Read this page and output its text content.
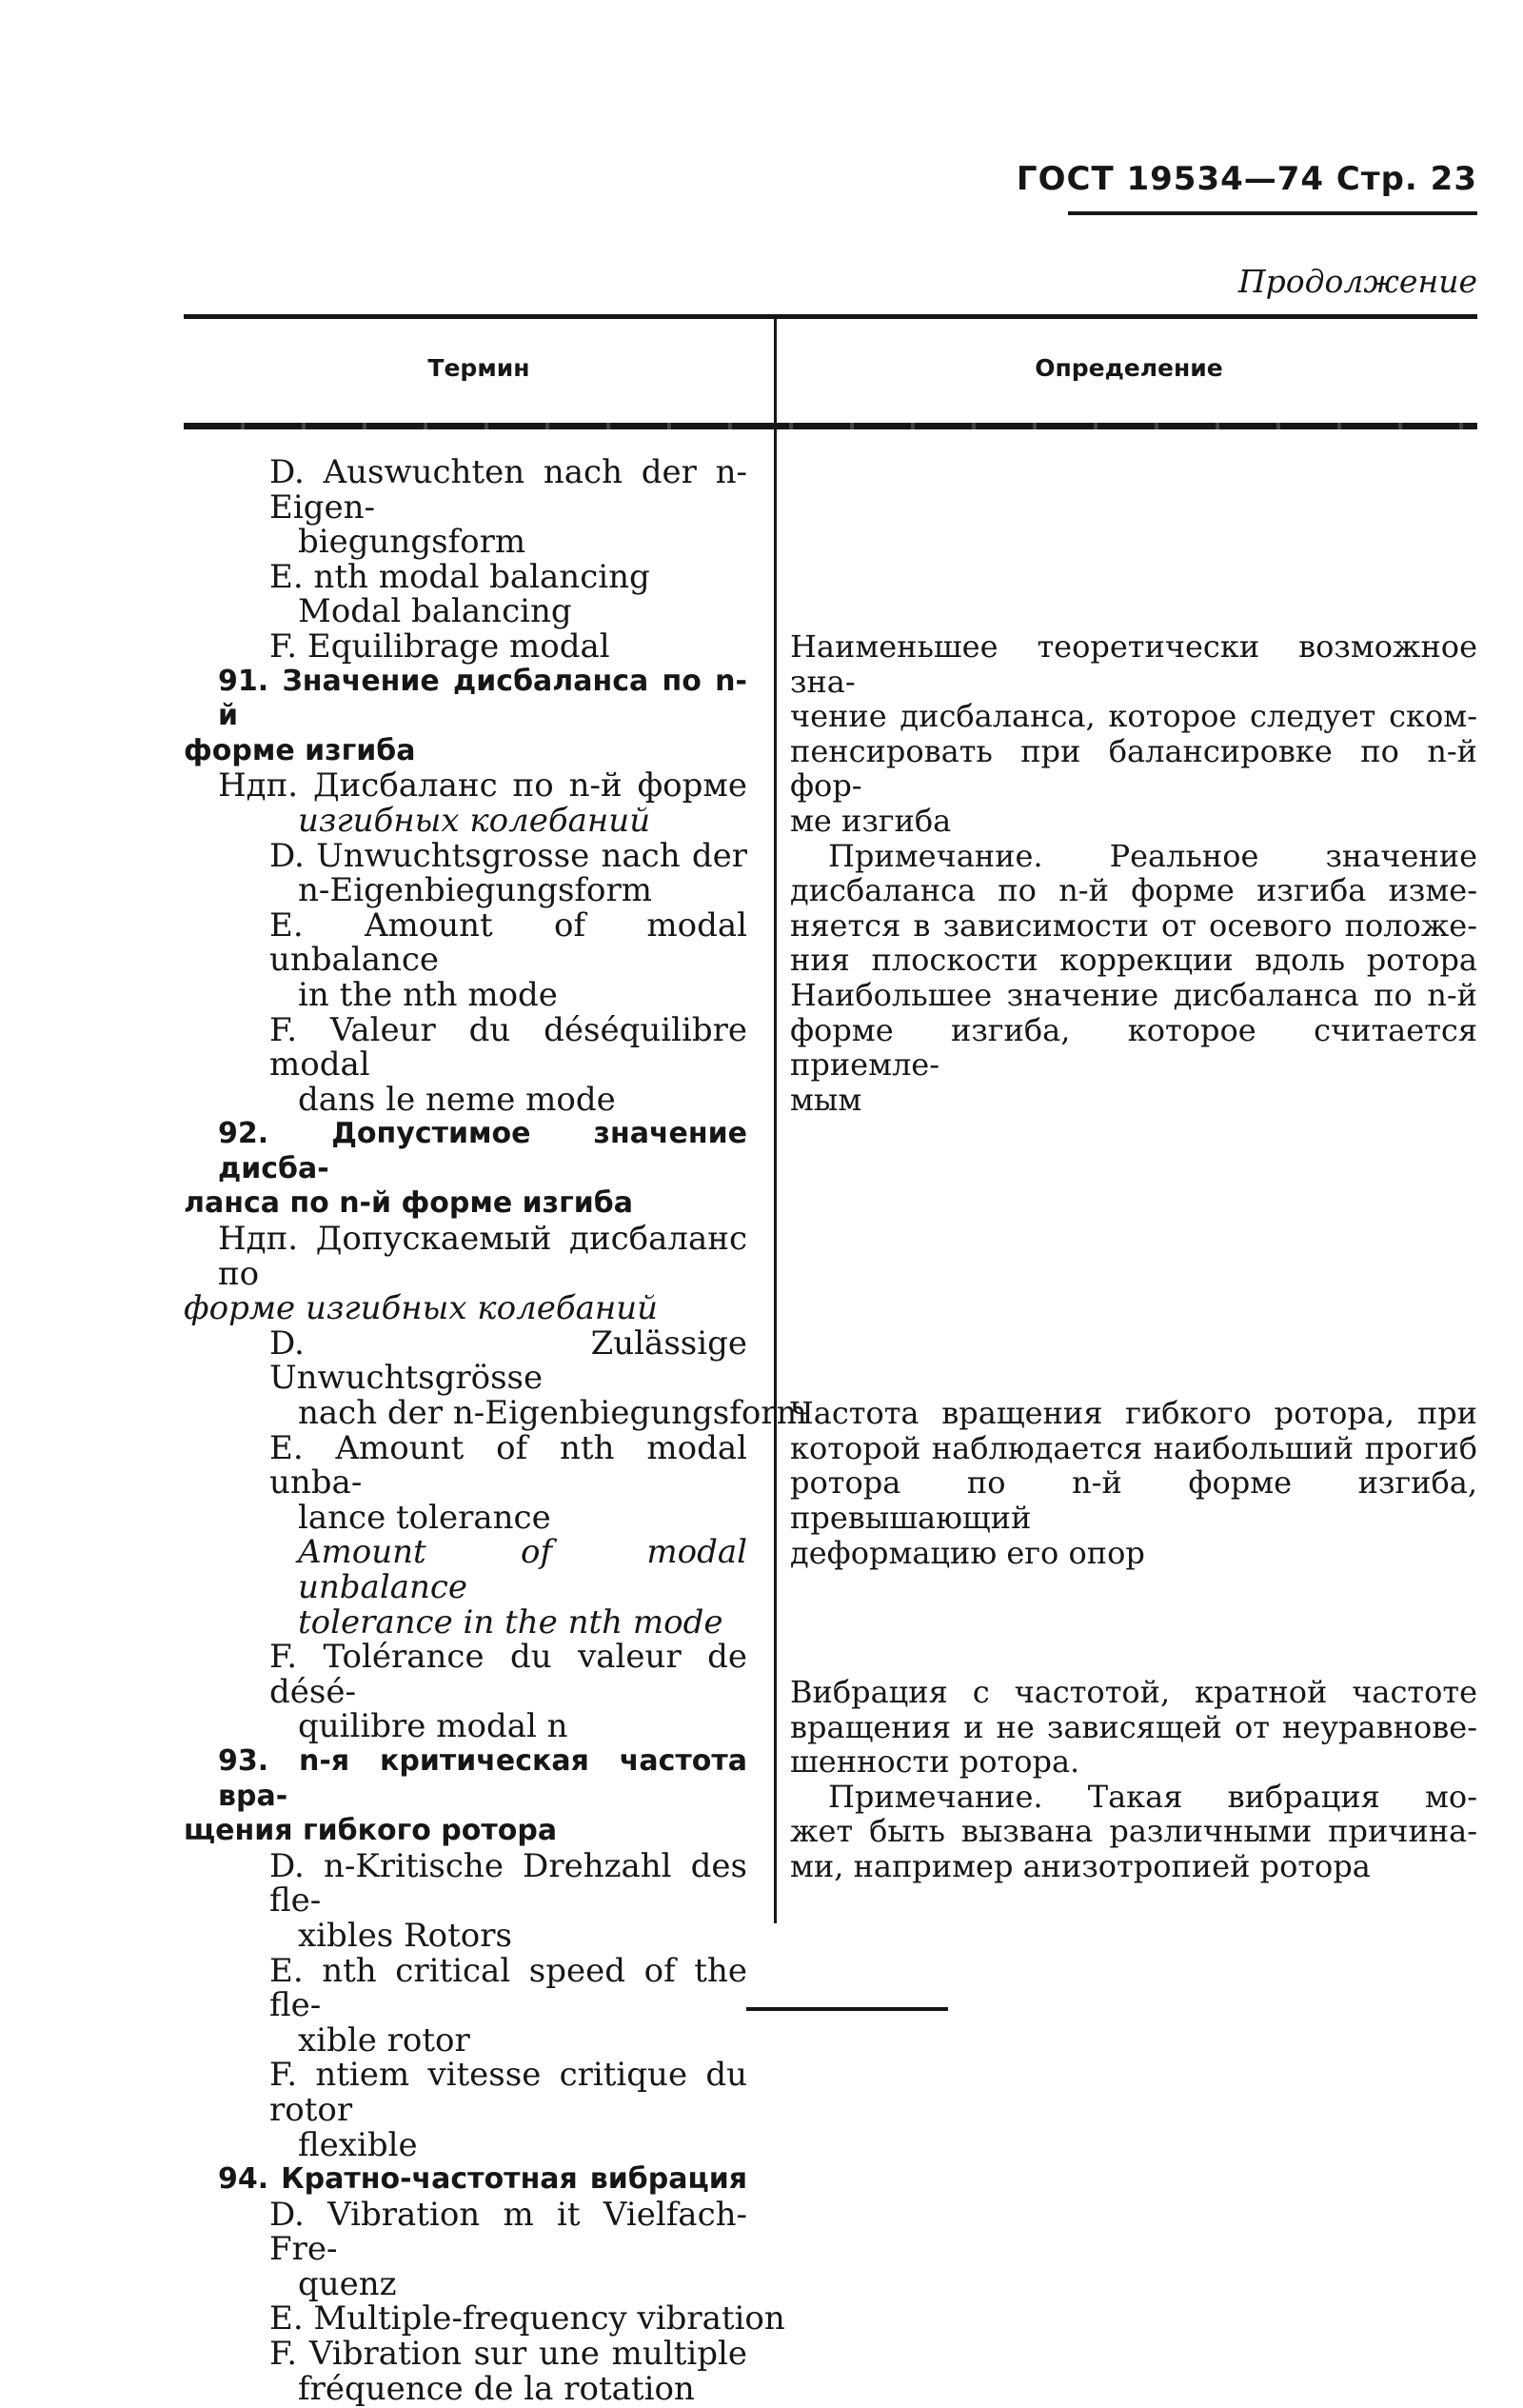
ГОСТ 19534—74 Стр. 23
Продолжение
Термин	Определение
D. Auswuchten nach der n-Eigen-
biegungsform
E. nth modal balancing
Modal balancing
F. Equilibrage modal
91. Значение дисбаланса по n-й
форме изгиба
Ндп. Дисбаланс по n-й форме
изгибных колебаний
D. Unwuchtsgrosse nach der
n-Eigenbiegungsform
E. Amount of modal unbalance
in the nth mode
F. Valeur du déséquilibre modal
dans le neme mode
92. Допустимое значение дисба-
ланса по n-й форме изгиба
Ндп. Допускаемый дисбаланс по
форме изгибных колебаний
D. Zulässige Unwuchtsgrösse
nach der n-Eigenbiegungsform
E. Amount of nth modal unba-
lance tolerance
Amount of modal unbalance
tolerance in the nth mode
F. Tolérance du valeur de désé-
quilibre modal n
93. n-я критическая частота вра-
щения гибкого ротора
D. n-Kritische Drehzahl des fle-
xibles Rotors
E. nth critical speed of the fle-
xible rotor
F. ntiem vitesse critique du rotor
flexible
94. Кратно-частотная вибрация
D. Vibration m it Vielfach-Fre-
quenz
E. Multiple-frequency vibration
F. Vibration sur une multiple
fréquence de la rotation
Наименьшее теоретически возможное зна-
чение дисбаланса, которое следует ском-
пенсировать при балансировке по n-й фор-
ме изгиба
Примечание. Реальное значение
дисбаланса по n-й форме изгиба изме-
няется в зависимости от осевого положе-
ния плоскости коррекции вдоль ротора
Наибольшее значение дисбаланса по n-й
форме изгиба, которое считается приемле-
мым
Частота вращения гибкого ротора, при
которой наблюдается наибольший прогиб
ротора по n-й форме изгиба, превышающий
деформацию его опор
Вибрация с частотой, кратной частоте
вращения и не зависящей от неуравнове-
шенности ротора.
Примечание. Такая вибрация мо-
жет быть вызвана различными причина-
ми, например анизотропией ротора
